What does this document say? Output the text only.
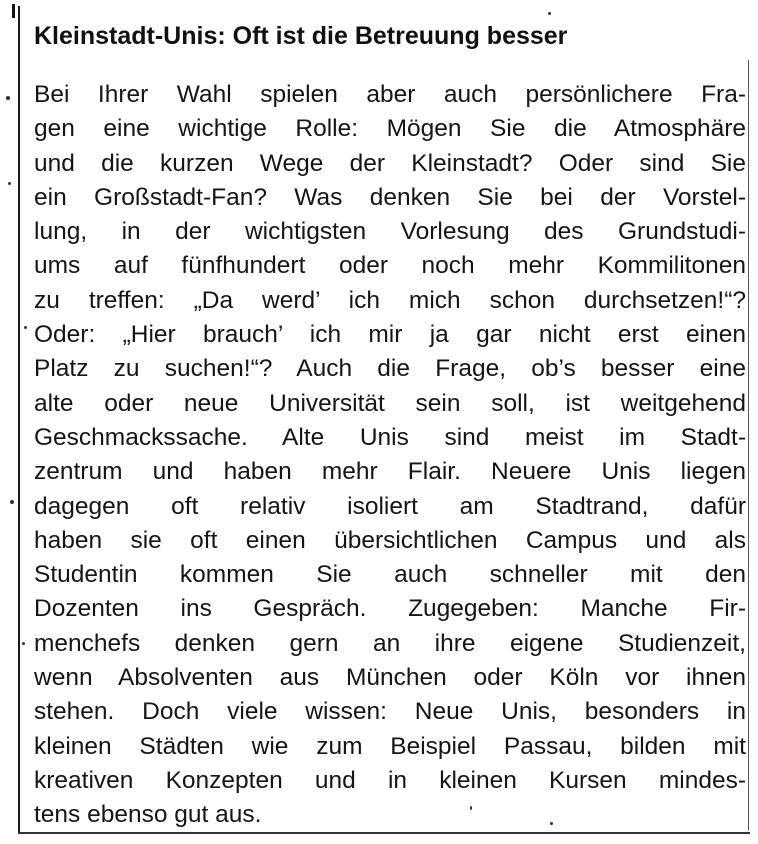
Kleinstadt-Unis: Oft ist die Betreuung besser
Bei Ihrer Wahl spielen aber auch persönlichere Fra-
gen eine wichtige Rolle: Mögen Sie die Atmosphäre
und die kurzen Wege der Kleinstadt? Oder sind Sie
ein Großstadt-Fan? Was denken Sie bei der Vorstel-
lung, in der wichtigsten Vorlesung des Grundstudi-
ums auf fünfhundert oder noch mehr Kommilitonen
zu treffen: „Da werd’ ich mich schon durchsetzen!“?
Oder: „Hier brauch’ ich mir ja gar nicht erst einen
Platz zu suchen!“? Auch die Frage, ob’s besser eine
alte oder neue Universität sein soll, ist weitgehend
Geschmackssache. Alte Unis sind meist im Stadt-
zentrum und haben mehr Flair. Neuere Unis liegen
dagegen oft relativ isoliert am Stadtrand, dafür
haben sie oft einen übersichtlichen Campus und als
Studentin kommen Sie auch schneller mit den
Dozenten ins Gespräch. Zugegeben: Manche Fir-
menchefs denken gern an ihre eigene Studienzeit,
wenn Absolventen aus München oder Köln vor ihnen
stehen. Doch viele wissen: Neue Unis, besonders in
kleinen Städten wie zum Beispiel Passau, bilden mit
kreativen Konzepten und in kleinen Kursen mindes-
tens ebenso gut aus.
